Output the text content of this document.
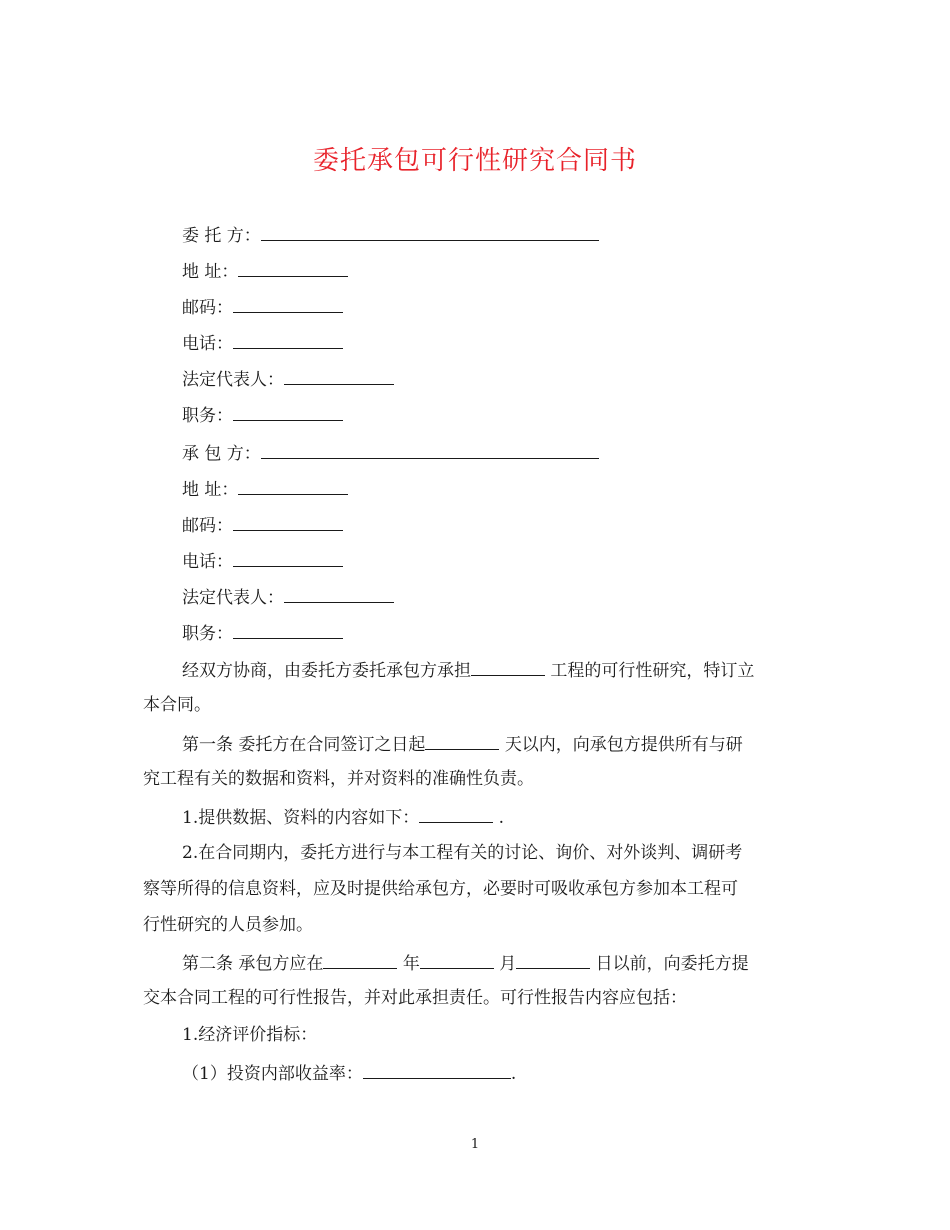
委托承包可行性研究合同书
委 托 方：
地 址：
邮码：
电话：
法定代表人：
职务：
承 包 方：
地 址：
邮码：
电话：
法定代表人：
职务：
经双方协商，由委托方委托承包方承担	工程的可行性研究，特订立
本合同。
第一条 委托方在合同签订之日起	天以内，向承包方提供所有与研
究工程有关的数据和资料，并对资料的准确性负责。
1.提供数据、资料的内容如下：	.
2.在合同期内，委托方进行与本工程有关的讨论、询价、对外谈判、调研考
察等所得的信息资料，应及时提供给承包方，必要时可吸收承包方参加本工程可
行性研究的人员参加。
第二条 承包方应在	年	月	日以前，向委托方提
交本合同工程的可行性报告，并对此承担责任。可行性报告内容应包括：
1.经济评价指标：
（1）投资内部收益率：	.
1
